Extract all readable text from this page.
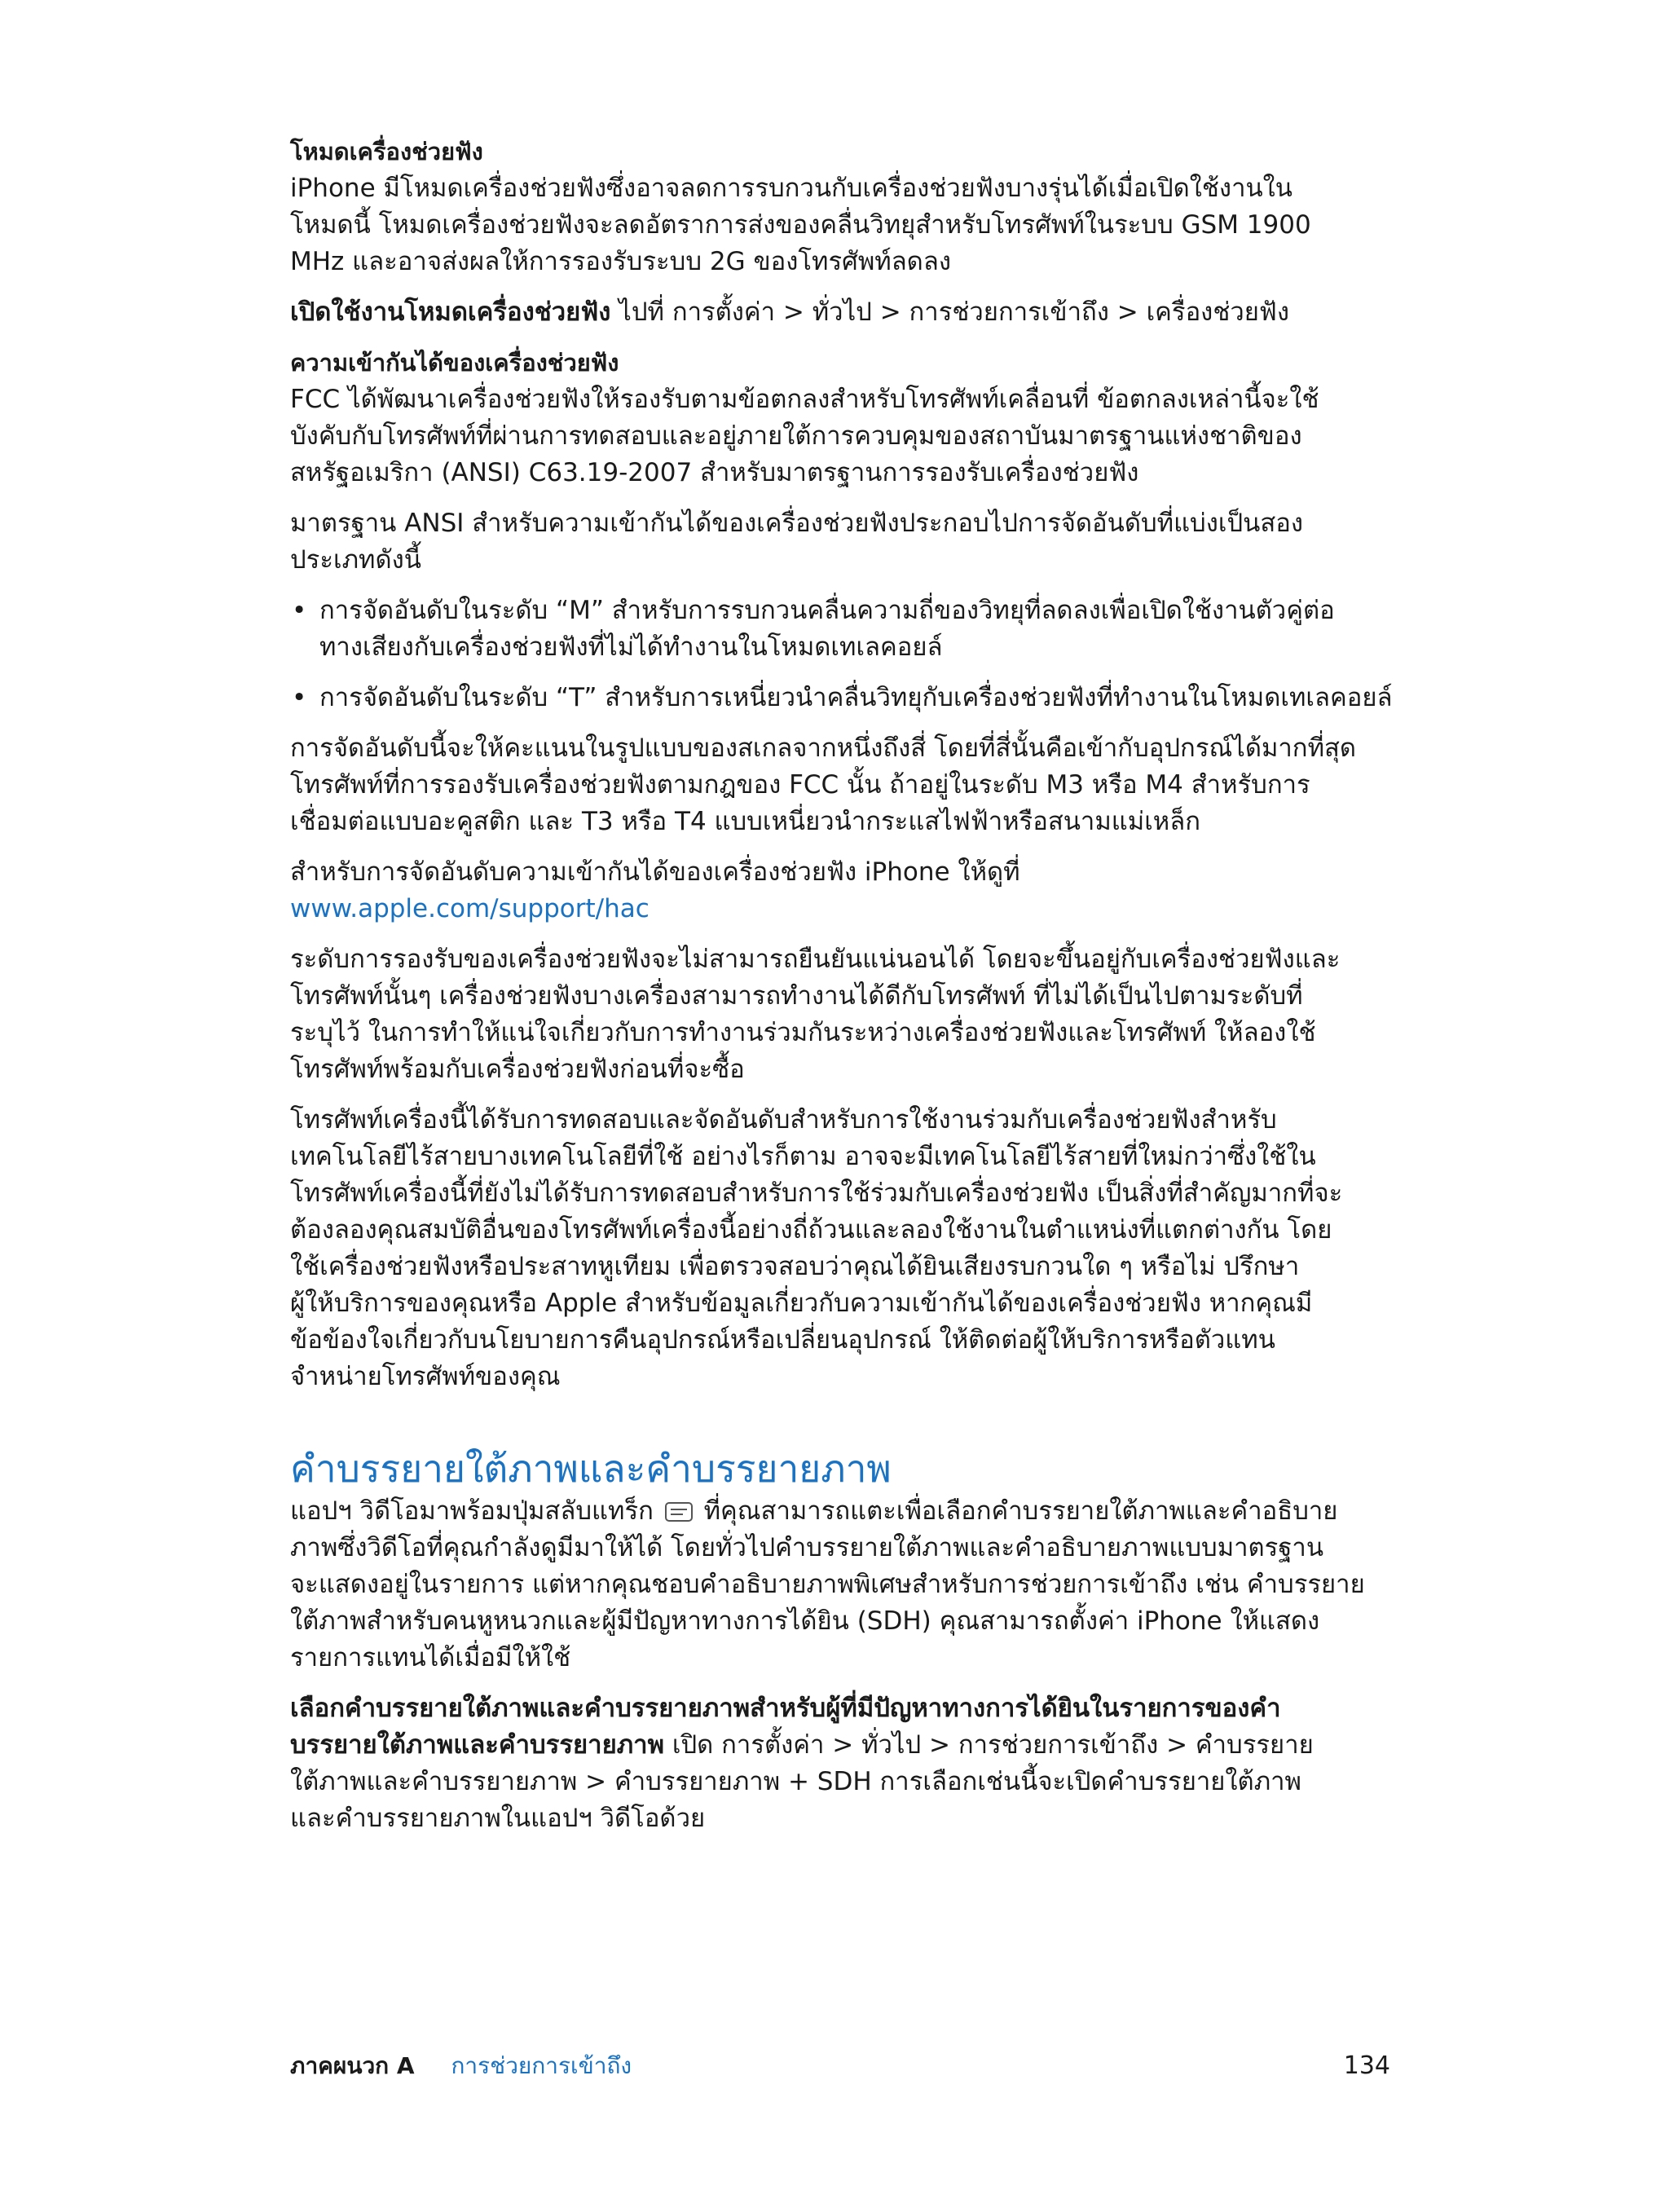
โหมดเครื่องช่วยฟัง

iPhone มีโหมดเครื่องช่วยฟังซึ่งอาจลดการรบกวนกับเครื่องช่วยฟังบางรุ่นได้เมื่อเปิดใช้งานใน

โหมดนี้ โหมดเครื่องช่วยฟังจะลดอัตราการส่งของคลื่นวิทยุสำหรับโทรศัพท์ในระบบ GSM 1900

MHz และอาจส่งผลให้การรองรับระบบ 2G ของโทรศัพท์ลดลง

เปิดใช้งานโหมดเครื่องช่วยฟัง ไปที่ การตั้งค่า > ทั่วไป > การช่วยการเข้าถึง > เครื่องช่วยฟัง

ความเข้ากันได้ของเครื่องช่วยฟัง

FCC ได้พัฒนาเครื่องช่วยฟังให้รองรับตามข้อตกลงสำหรับโทรศัพท์เคลื่อนที่ ข้อตกลงเหล่านี้จะใช้

บังคับกับโทรศัพท์ที่ผ่านการทดสอบและอยู่ภายใต้การควบคุมของสถาบันมาตรฐานแห่งชาติของ

สหรัฐอเมริกา (ANSI) C63.19-2007 สำหรับมาตรฐานการรองรับเครื่องช่วยฟัง

มาตรฐาน ANSI สำหรับความเข้ากันได้ของเครื่องช่วยฟังประกอบไปการจัดอันดับที่แบ่งเป็นสอง

ประเภทดังนี้

• การจัดอันดับในระดับ “M” สำหรับการรบกวนคลื่นความถี่ของวิทยุที่ลดลงเพื่อเปิดใช้งานตัวคู่ต่อ

ทางเสียงกับเครื่องช่วยฟังที่ไม่ได้ทำงานในโหมดเทเลคอยล์

• การจัดอันดับในระดับ “T” สำหรับการเหนี่ยวนำคลื่นวิทยุกับเครื่องช่วยฟังที่ทำงานในโหมดเทเลคอยล์

การจัดอันดับนี้จะให้คะแนนในรูปแบบของสเกลจากหนึ่งถึงสี่ โดยที่สี่นั้นคือเข้ากับอุปกรณ์ได้มากที่สุด

โทรศัพท์ที่การรองรับเครื่องช่วยฟังตามกฎของ FCC นั้น ถ้าอยู่ในระดับ M3 หรือ M4 สำหรับการ

เชื่อมต่อแบบอะคูสติก และ T3 หรือ T4 แบบเหนี่ยวนำกระแสไฟฟ้าหรือสนามแม่เหล็ก

สำหรับการจัดอันดับความเข้ากันได้ของเครื่องช่วยฟัง iPhone ให้ดูที่

www.apple.com/support/hac

ระดับการรองรับของเครื่องช่วยฟังจะไม่สามารถยืนยันแน่นอนได้ โดยจะขึ้นอยู่กับเครื่องช่วยฟังและ

โทรศัพท์นั้นๆ เครื่องช่วยฟังบางเครื่องสามารถทำงานได้ดีกับโทรศัพท์ ที่ไม่ได้เป็นไปตามระดับที่

ระบุไว้ ในการทำให้แน่ใจเกี่ยวกับการทำงานร่วมกันระหว่างเครื่องช่วยฟังและโทรศัพท์ ให้ลองใช้

โทรศัพท์พร้อมกับเครื่องช่วยฟังก่อนที่จะซื้อ

โทรศัพท์เครื่องนี้ได้รับการทดสอบและจัดอันดับสำหรับการใช้งานร่วมกับเครื่องช่วยฟังสำหรับ

เทคโนโลยีไร้สายบางเทคโนโลยีที่ใช้ อย่างไรก็ตาม อาจจะมีเทคโนโลยีไร้สายที่ใหม่กว่าซึ่งใช้ใน

โทรศัพท์เครื่องนี้ที่ยังไม่ได้รับการทดสอบสำหรับการใช้ร่วมกับเครื่องช่วยฟัง เป็นสิ่งที่สำคัญมากที่จะ

ต้องลองคุณสมบัติอื่นของโทรศัพท์เครื่องนี้อย่างถี่ถ้วนและลองใช้งานในตำแหน่งที่แตกต่างกัน โดย

ใช้เครื่องช่วยฟังหรือประสาทหูเทียม เพื่อตรวจสอบว่าคุณได้ยินเสียงรบกวนใด ๆ หรือไม่ ปรึกษา

ผู้ให้บริการของคุณหรือ Apple สำหรับข้อมูลเกี่ยวกับความเข้ากันได้ของเครื่องช่วยฟัง หากคุณมี

ข้อข้องใจเกี่ยวกับนโยบายการคืนอุปกรณ์หรือเปลี่ยนอุปกรณ์ ให้ติดต่อผู้ให้บริการหรือตัวแทน

จำหน่ายโทรศัพท์ของคุณ

คำบรรยายใต้ภาพและคำบรรยายภาพ

แอปฯ วิดีโอมาพร้อมปุ่มสลับแทร็ก ที่คุณสามารถแตะเพื่อเลือกคำบรรยายใต้ภาพและคำอธิบาย

ภาพซึ่งวิดีโอที่คุณกำลังดูมีมาให้ได้ โดยทั่วไปคำบรรยายใต้ภาพและคำอธิบายภาพแบบมาตรฐาน

จะแสดงอยู่ในรายการ แต่หากคุณชอบคำอธิบายภาพพิเศษสำหรับการช่วยการเข้าถึง เช่น คำบรรยาย

ใต้ภาพสำหรับคนหูหนวกและผู้มีปัญหาทางการได้ยิน (SDH) คุณสามารถตั้งค่า iPhone ให้แสดง

รายการแทนได้เมื่อมีให้ใช้

เลือกคำบรรยายใต้ภาพและคำบรรยายภาพสำหรับผู้ที่มีปัญหาทางการได้ยินในรายการของคำ

บรรยายใต้ภาพและคำบรรยายภาพ เปิด การตั้งค่า > ทั่วไป > การช่วยการเข้าถึง > คำบรรยาย

ใต้ภาพและคำบรรยายภาพ > คำบรรยายภาพ + SDH การเลือกเช่นนี้จะเปิดคำบรรยายใต้ภาพ

และคำบรรยายภาพในแอปฯ วิดีโอด้วย

ภาคผนวก A การช่วยการเข้าถึง	134
